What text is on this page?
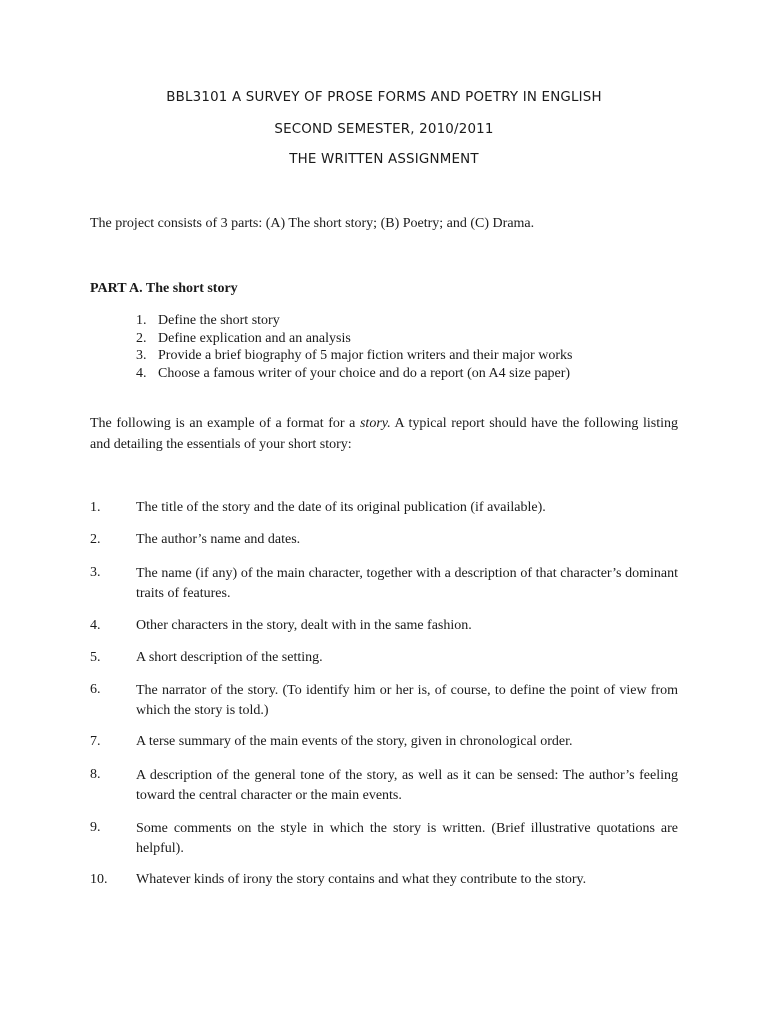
BBL3101 A SURVEY OF PROSE FORMS AND POETRY IN ENGLISH
SECOND SEMESTER, 2010/2011
THE WRITTEN ASSIGNMENT
The project consists of 3 parts: (A) The short story; (B) Poetry; and (C) Drama.
PART A. The short story
1. Define the short story
2. Define explication and an analysis
3. Provide a brief biography of 5 major fiction writers and their major works
4. Choose a famous writer of your choice and do a report (on A4 size paper)
The following is an example of a format for a story. A typical report should have the following listing and detailing the essentials of your short story:
1.	The title of the story and the date of its original publication (if available).
2.	The author’s name and dates.
3.	The name (if any) of the main character, together with a description of that character’s dominant traits of features.
4.	Other characters in the story, dealt with in the same fashion.
5.	A short description of the setting.
6.	The narrator of the story. (To identify him or her is, of course, to define the point of view from which the story is told.)
7.	A terse summary of the main events of the story, given in chronological order.
8.	A description of the general tone of the story, as well as it can be sensed: The author’s feeling toward the central character or the main events.
9.	Some comments on the style in which the story is written. (Brief illustrative quotations are helpful).
10. Whatever kinds of irony the story contains and what they contribute to the story.
